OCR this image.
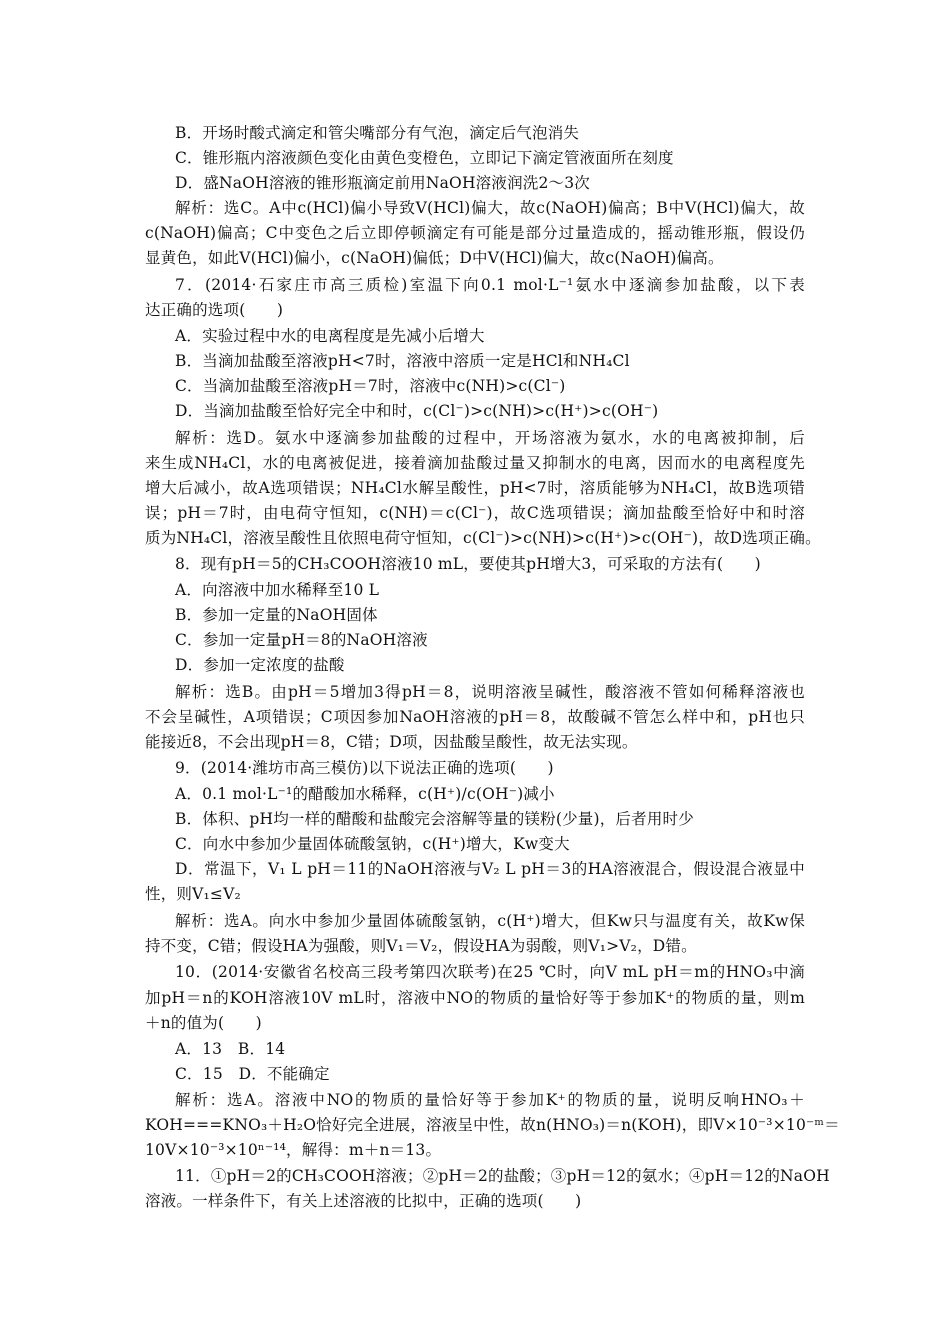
B．开场时酸式滴定和管尖嘴部分有气泡，滴定后气泡消失
C．锥形瓶内溶液颜色变化由黄色变橙色，立即记下滴定管液面所在刻度
D．盛NaOH溶液的锥形瓶滴定前用NaOH溶液润洗2～3次
解析：选C。A中c(HCl)偏小导致V(HCl)偏大，故c(NaOH)偏高；B中V(HCl)偏大，故
c(NaOH)偏高；C中变色之后立即停顿滴定有可能是部分过量造成的，摇动锥形瓶，假设仍
显黄色，如此V(HCl)偏小，c(NaOH)偏低；D中V(HCl)偏大，故c(NaOH)偏高。
7．(2014·石家庄市高三质检)室温下向0.1 mol·L⁻¹氨水中逐滴参加盐酸，以下表
达正确的选项(　　)
A．实验过程中水的电离程度是先减小后增大
B．当滴加盐酸至溶液pH<7时，溶液中溶质一定是HCl和NH₄Cl
C．当滴加盐酸至溶液pH＝7时，溶液中c(NH)>c(Cl⁻)
D．当滴加盐酸至恰好完全中和时，c(Cl⁻)>c(NH)>c(H⁺)>c(OH⁻)
解析：选D。氨水中逐滴参加盐酸的过程中，开场溶液为氨水，水的电离被抑制，后
来生成NH₄Cl，水的电离被促进，接着滴加盐酸过量又抑制水的电离，因而水的电离程度先
增大后减小，故A选项错误；NH₄Cl水解呈酸性，pH<7时，溶质能够为NH₄Cl，故B选项错
误；pH＝7时，由电荷守恒知，c(NH)＝c(Cl⁻)，故C选项错误；滴加盐酸至恰好中和时溶
质为NH₄Cl，溶液呈酸性且依照电荷守恒知，c(Cl⁻)>c(NH)>c(H⁺)>c(OH⁻)，故D选项正确。
8．现有pH＝5的CH₃COOH溶液10 mL，要使其pH增大3，可采取的方法有(　　)
A．向溶液中加水稀释至10 L
B．参加一定量的NaOH固体
C．参加一定量pH＝8的NaOH溶液
D．参加一定浓度的盐酸
解析：选B。由pH＝5增加3得pH＝8，说明溶液呈碱性，酸溶液不管如何稀释溶液也
不会呈碱性，A项错误；C项因参加NaOH溶液的pH＝8，故酸碱不管怎么样中和，pH也只
能接近8，不会出现pH＝8，C错；D项，因盐酸呈酸性，故无法实现。
9．(2014·潍坊市高三模仿)以下说法正确的选项(　　)
A．0.1 mol·L⁻¹的醋酸加水稀释，c(H⁺)/c(OH⁻)减小
B．体积、pH均一样的醋酸和盐酸完会溶解等量的镁粉(少量)，后者用时少
C．向水中参加少量固体硫酸氢钠，c(H⁺)增大，Kw变大
D．常温下，V₁ L pH＝11的NaOH溶液与V₂ L pH＝3的HA溶液混合，假设混合液显中
性，则V₁≤V₂
解析：选A。向水中参加少量固体硫酸氢钠，c(H⁺)增大，但Kw只与温度有关，故Kw保
持不变，C错；假设HA为强酸，则V₁＝V₂，假设HA为弱酸，则V₁>V₂，D错。
10．(2014·安徽省名校高三段考第四次联考)在25 ℃时，向V mL pH＝m的HNO₃中滴
加pH＝n的KOH溶液10V mL时，溶液中NO的物质的量恰好等于参加K⁺的物质的量，则m
＋n的值为(　　)
A．13　B．14
C．15　D．不能确定
解析：选A。溶液中NO的物质的量恰好等于参加K⁺的物质的量，说明反响HNO₃＋
KOH===KNO₃＋H₂O恰好完全进展，溶液呈中性，故n(HNO₃)＝n(KOH)，即V×10⁻³×10⁻ᵐ＝
10V×10⁻³×10ⁿ⁻¹⁴，解得：m＋n＝13。
11．①pH＝2的CH₃COOH溶液；②pH＝2的盐酸；③pH＝12的氨水；④pH＝12的NaOH
溶液。一样条件下，有关上述溶液的比拟中，正确的选项(　　)
